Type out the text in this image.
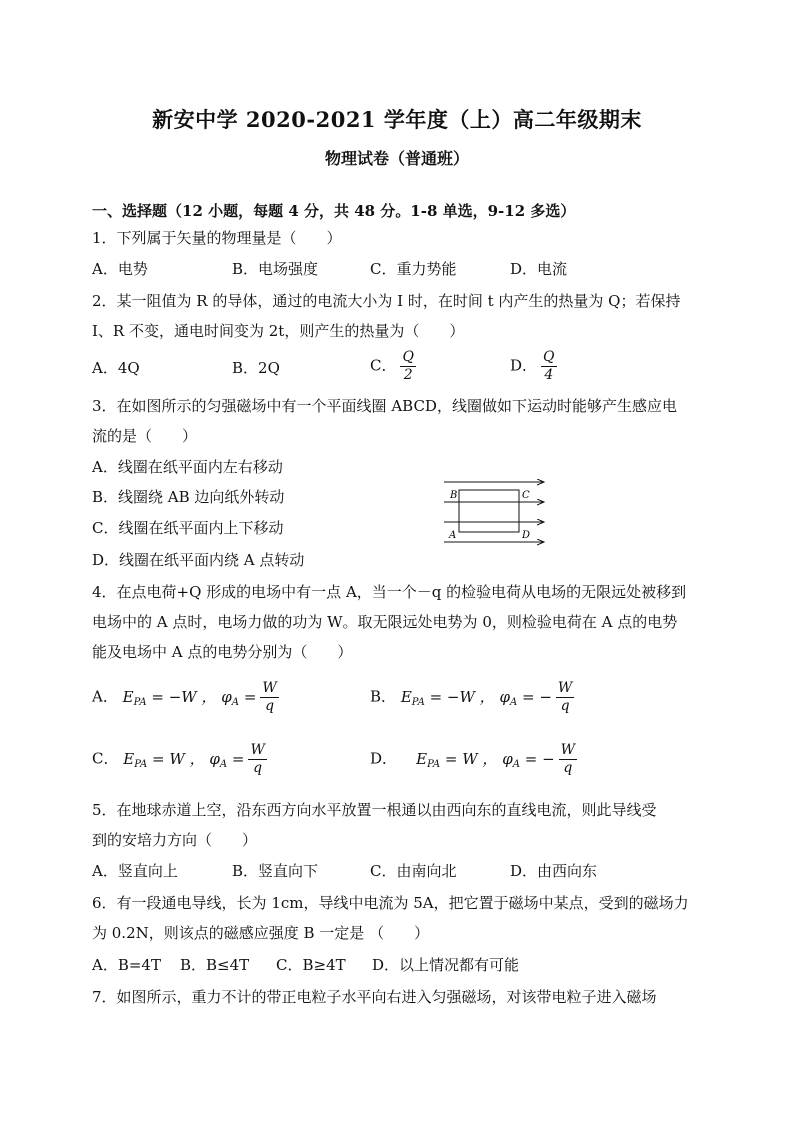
新安中学 2020-2021 学年度（上）高二年级期末
物理试卷（普通班）
一、选择题（12 小题，每题 4 分，共 48 分。1-8 单选，9-12 多选）
1．下列属于矢量的物理量是（　　）
A．电势	B．电场强度	C．重力势能	D．电流
2．某一阻值为 R 的导体，通过的电流大小为 I 时，在时间 t 内产生的热量为 Q；若保持
I、R 不变，通电时间变为 2t，则产生的热量为（　　）
A．4Q	B．2Q	C． $\frac{Q}{2}$	D． $\frac{Q}{4}$
3．在如图所示的匀强磁场中有一个平面线圈 ABCD，线圈做如下运动时能够产生感应电
流的是（　　）
A．线圈在纸平面内左右移动
B．线圈绕 AB 边向纸外转动
C．线圈在纸平面内上下移动
D．线圈在纸平面内绕 A 点转动
B	C
A	D
4．在点电荷+Q 形成的电场中有一点 A，当一个－q 的检验电荷从电场的无限远处被移到
电场中的 A 点时，电场力做的功为 W。取无限远处电势为 0，则检验电荷在 A 点的电势
能及电场中 A 点的电势分别为（　　）
A． $E_{PA} = -W$ ， $\varphi_A = \frac{W}{q}$	B． $E_{PA} = -W$ ， $\varphi_A$ = − $\frac{W}{q}$
C． $E_{PA} = W$ ， $\varphi_A = \frac{W}{q}$	D． $E_{PA} = W$ ， $\varphi_A$ = − $\frac{W}{q}$
5．在地球赤道上空，沿东西方向水平放置一根通以由西向东的直线电流，则此导线受
到的安培力方向（　　）
A．竖直向上	B．竖直向下	C．由南向北	D．由西向东
6．有一段通电导线，长为 1cm，导线中电流为 5A，把它置于磁场中某点，受到的磁场力
为 0.2N，则该点的磁感应强度 B 一定是 （　　）
A．B=4T B．B≤4T C．B≥4T D．以上情况都有可能
7．如图所示，重力不计的带正电粒子水平向右进入匀强磁场，对该带电粒子进入磁场
